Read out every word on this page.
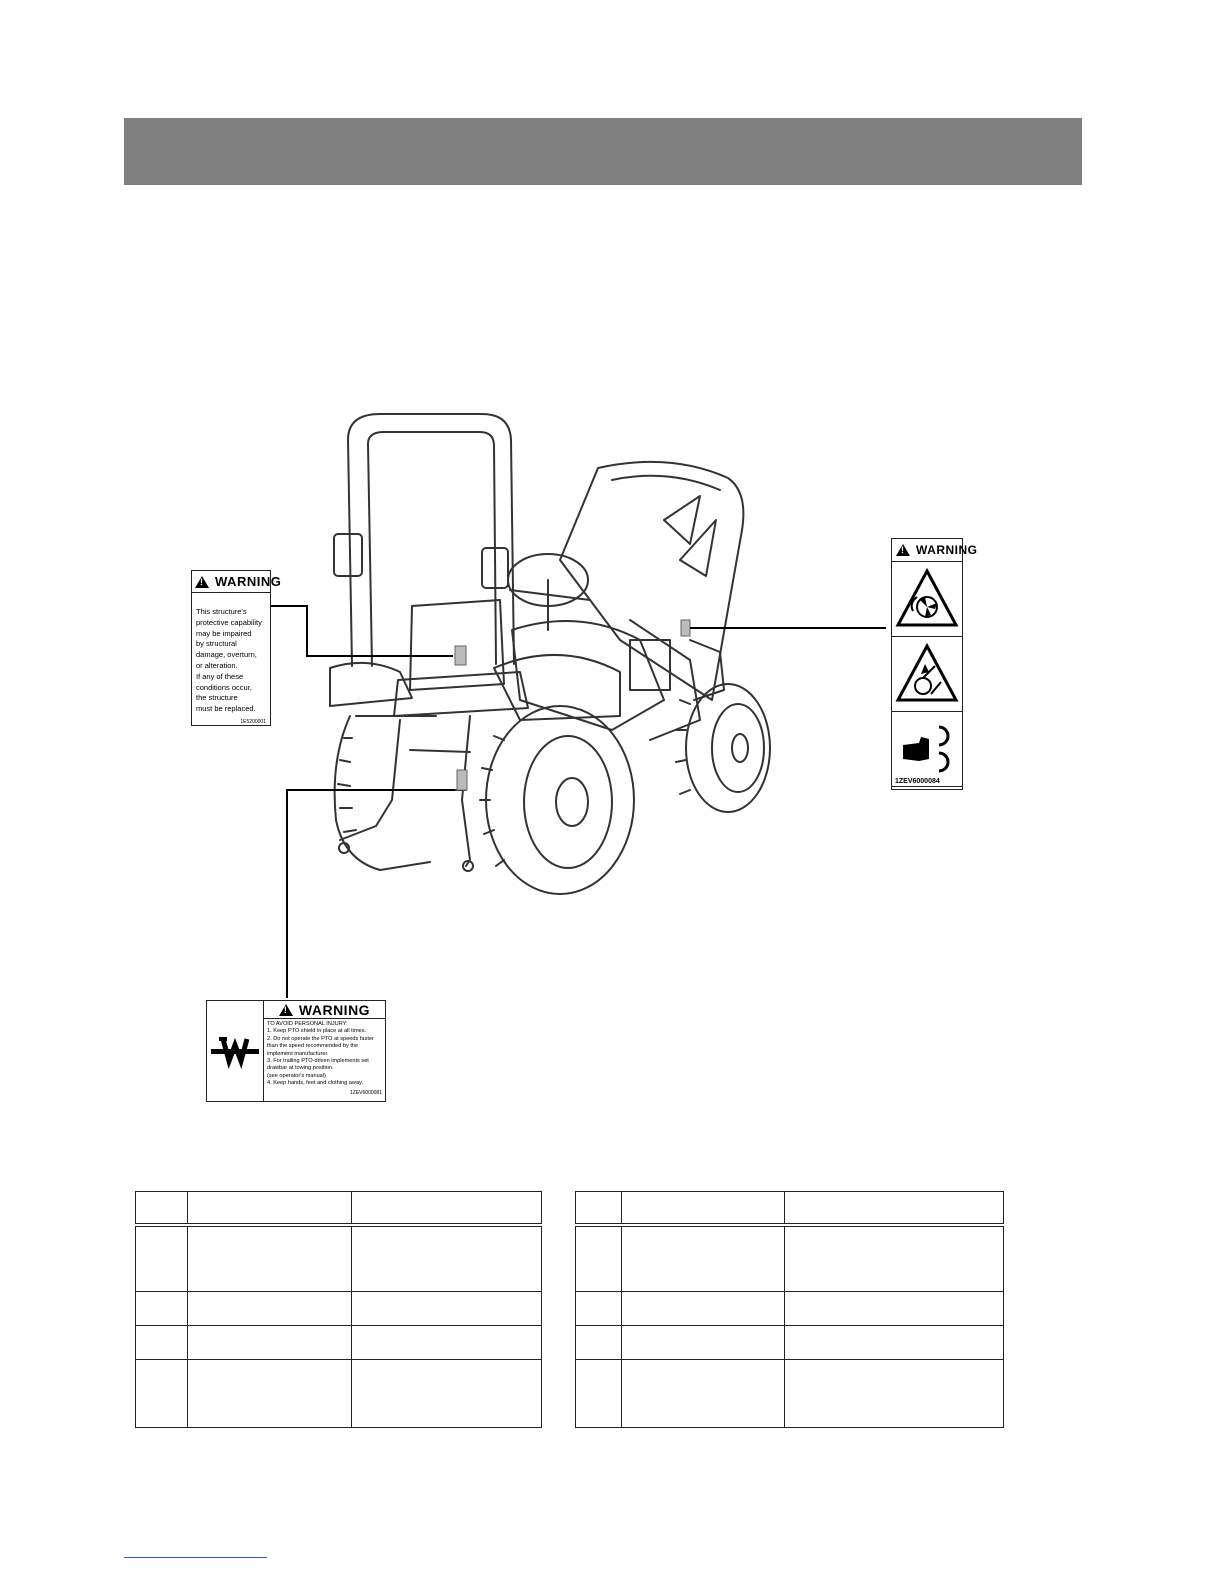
!
WARNING
This structure's
protective capability
may be impaired
by structural
damage, overturn,
or alteration.
If any of these
conditions occur,
the structure
must be replaced.
1E5200001
!
WARNING
1ZEV6000084
!
WARNING
TO AVOID PERSONAL INJURY:
1. Keep PTO shield in place at all times.
2. Do not operate the PTO at speeds faster
than the speed recommended by the
implement manufacturer.
3. For trailing PTO-driven implements set
drawbar at towing position.
(see operator's manual)
4. Keep hands, feet and clothing away.
1ZEV6000081
